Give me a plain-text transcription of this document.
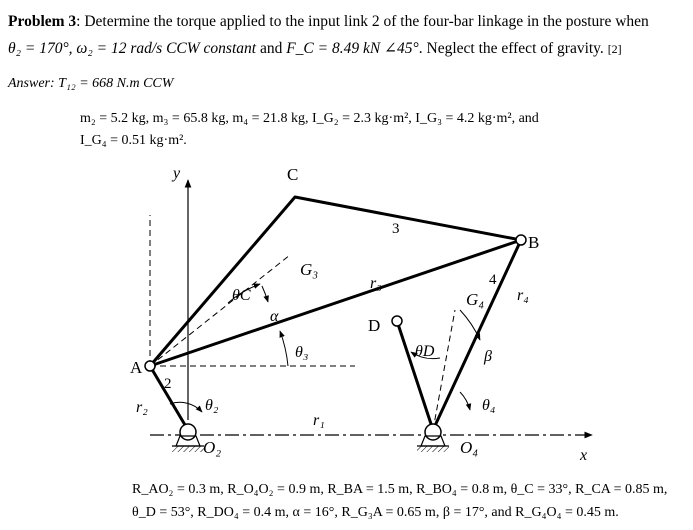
Problem 3: Determine the torque applied to the input link 2 of the four-bar linkage in the posture when
θ₂ = 170°, ω₂ = 12 rad/s CCW constant and F_C = 8.49 kN ∠45°. Neglect the effect of gravity. [2]
Answer: T₁₂ = 668 N.m CCW
m₂ = 5.2 kg, m₃ = 65.8 kg, m₄ = 21.8 kg, I_G₂ = 2.3 kg·m², I_G₃ = 4.2 kg·m², and
I_G₄ = 0.51 kg·m².
y
x
A
B
C
D
G₃
G₄
O₂	O₄
2
3
4
r₁
r₂
r₃
r₄
θ₂
θ₃
θ₄
θC
θD
α
β
R_AO₂ = 0.3 m, R_O₄O₂ = 0.9 m, R_BA = 1.5 m, R_BO₄ = 0.8 m, θ_C = 33°, R_CA = 0.85 m,
θ_D = 53°, R_DO₄ = 0.4 m, α = 16°, R_G₃A = 0.65 m, β = 17°, and R_G₄O₄ = 0.45 m.
